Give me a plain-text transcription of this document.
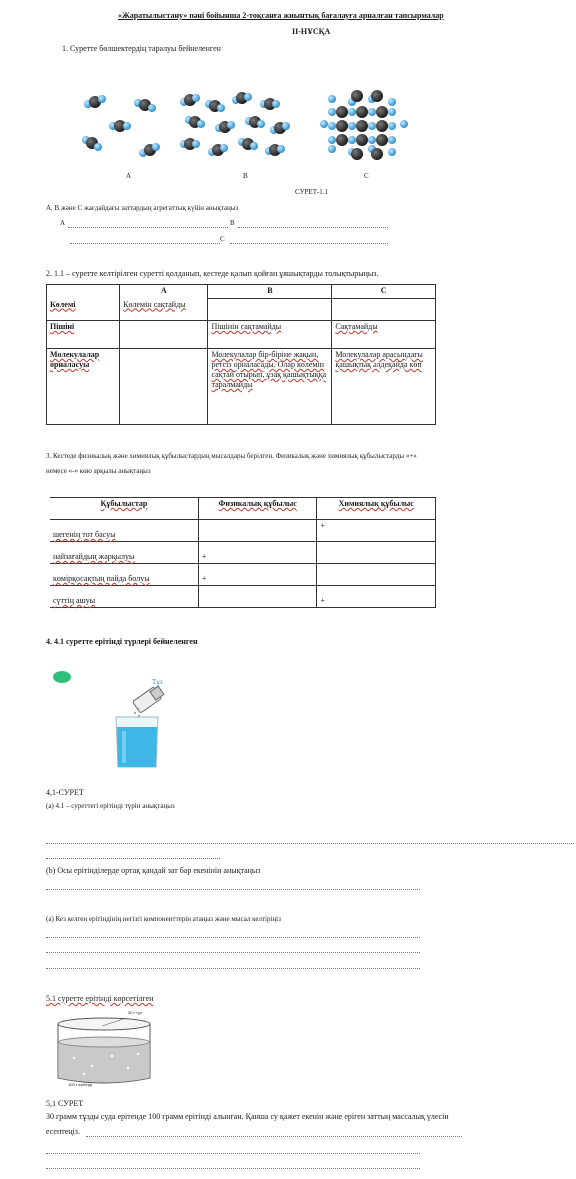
«Жаратылыстану» пәні бойынша 2-тоқсанға жиынтық бағалауға арналған тапсырмалар
II-НҰСҚА
1. Суретте бөлшектердің таралуы бейнеленген
A	B	C
СУРЕТ-1.1
А, В және С жағдайдағы заттардың агрегаттық күйін анықтаңыз
А	В
С
2. 1.1 – суретте келтірілген суретті қолданып, кестеде қалып қойған ұяшықтарды толықтырыңыз.
	A	B	C
Көлемі	Көлемін сақтайды		
Пішіні		Пішінін сақтамайды	Сақтамайды
Молекулалар орналасуы		Молекулалар бір-біріне жақын, ретсіз орналасады. Олар көлемін сақтай отырып, ұзақ қашықтыққа таралмайды	Молекулалар арасындағы қашықтық әлдеқайда көп
3. Кестеде физикалық және химиялық құбылыстардың мысалдары берілген. Физикалық және химиялық құбылыстарды «+»
немесе «-» көю арқылы анықтаңыз
Құбылыстар	Физикалық құбылыс	Химиялық құбылыс
шегенің тот басуы		+
найзағайдың жарқылуы	+	
көмірқосақтың пайда болуы	+	
сүттің ашуы		+
4. 4.1 суретте ерітінді түрлері бейнеленген
Тұз
4,1-СУРЕТ
(а) 4.1 – суреттегі ерітінді түрін анықтаңыз
(b) Осы ерітінділерде ортақ қандай зат бар екенінін анықтаңыз
(a) Кез келген ерітіндінің негізгі компоненттерін атаңыз және мысал келтіріңіз
5.1 суретте ерітінді көрсетілген
30 г тұз
100 г ерітінді
5,1 СУРЕТ
30 грамм тұзды суда ерітенде 100 грамм ерітінді алынған. Қанша су қажет екенін және еріген заттың массалық үлесін
есептеңіз.
